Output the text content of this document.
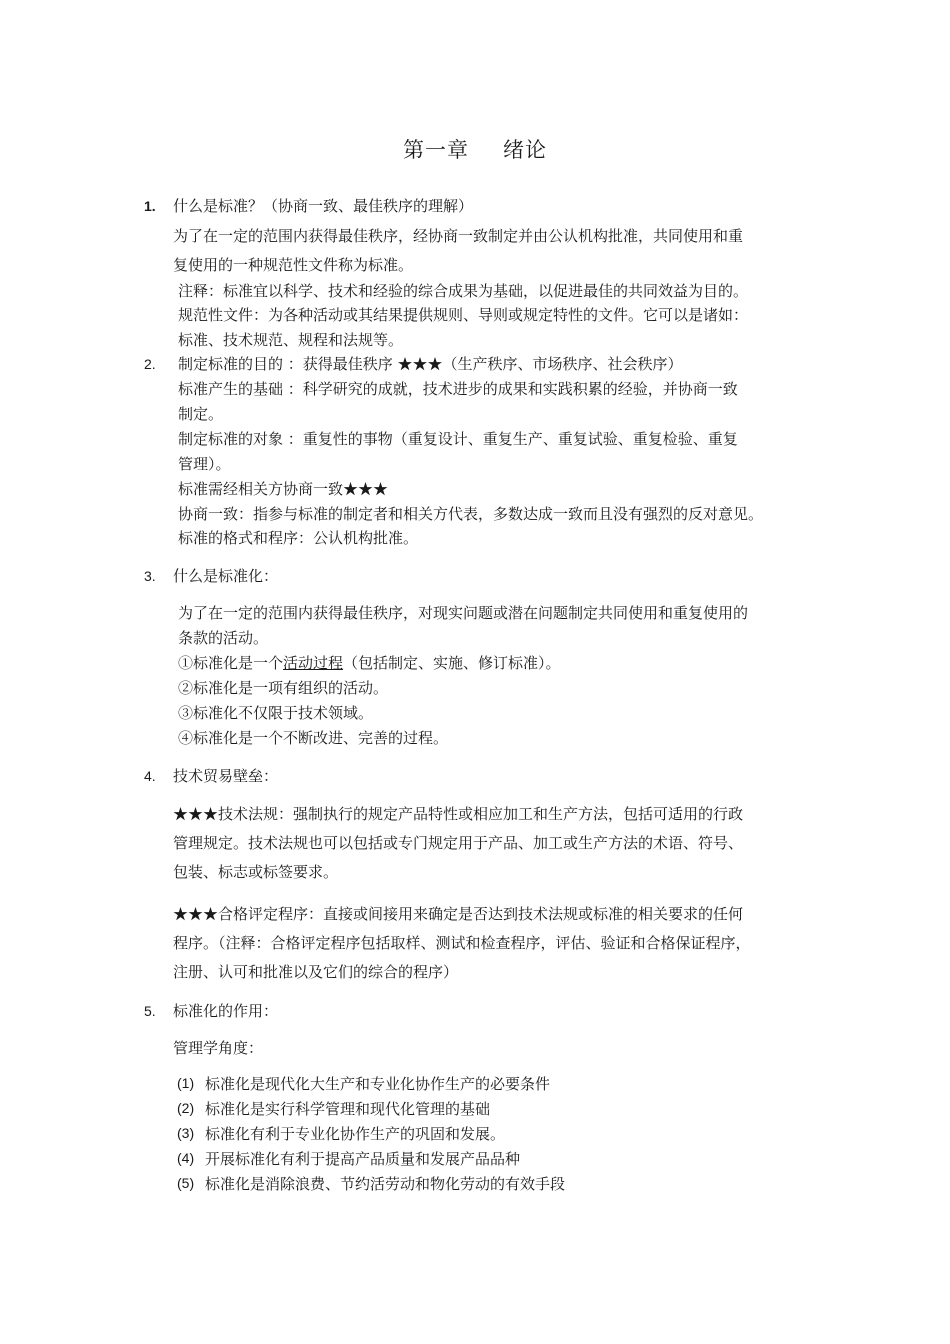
第一章 绪论
1. 什么是标准？（协商一致、最佳秩序的理解）
为了在一定的范围内获得最佳秩序，经协商一致制定并由公认机构批准，共同使用和重
复使用的一种规范性文件称为标准。
注释：标准宜以科学、技术和经验的综合成果为基础，以促进最佳的共同效益为目的。
规范性文件：为各种活动或其结果提供规则、导则或规定特性的文件。它可以是诸如：
标准、技术规范、规程和法规等。
2. 制定标准的目的 ：获得最佳秩序 ★★★（生产秩序、市场秩序、社会秩序）
标准产生的基础 ：科学研究的成就，技术进步的成果和实践积累的经验，并协商一致
制定。
制定标准的对象 ：重复性的事物（重复设计、重复生产、重复试验、重复检验、重复
管理）。
标准需经相关方协商一致★★★
协商一致：指参与标准的制定者和相关方代表，多数达成一致而且没有强烈的反对意见。
标准的格式和程序：公认机构批准。
3. 什么是标准化：
为了在一定的范围内获得最佳秩序，对现实问题或潜在问题制定共同使用和重复使用的
条款的活动。
①标准化是一个活动过程（包括制定、实施、修订标准）。
②标准化是一项有组织的活动。
③标准化不仅限于技术领域。
④标准化是一个不断改进、完善的过程。
4. 技术贸易壁垒：
★★★技术法规：强制执行的规定产品特性或相应加工和生产方法，包括可适用的行政
管理规定。技术法规也可以包括或专门规定用于产品、加工或生产方法的术语、符号、
包装、标志或标签要求。
★★★合格评定程序：直接或间接用来确定是否达到技术法规或标准的相关要求的任何
程序。（注释：合格评定程序包括取样、测试和检查程序，评估、验证和合格保证程序，
注册、认可和批准以及它们的综合的程序）
5. 标准化的作用：
管理学角度：
(1) 标准化是现代化大生产和专业化协作生产的必要条件
(2) 标准化是实行科学管理和现代化管理的基础
(3) 标准化有利于专业化协作生产的巩固和发展。
(4) 开展标准化有利于提高产品质量和发展产品品种
(5) 标准化是消除浪费、节约活劳动和物化劳动的有效手段
